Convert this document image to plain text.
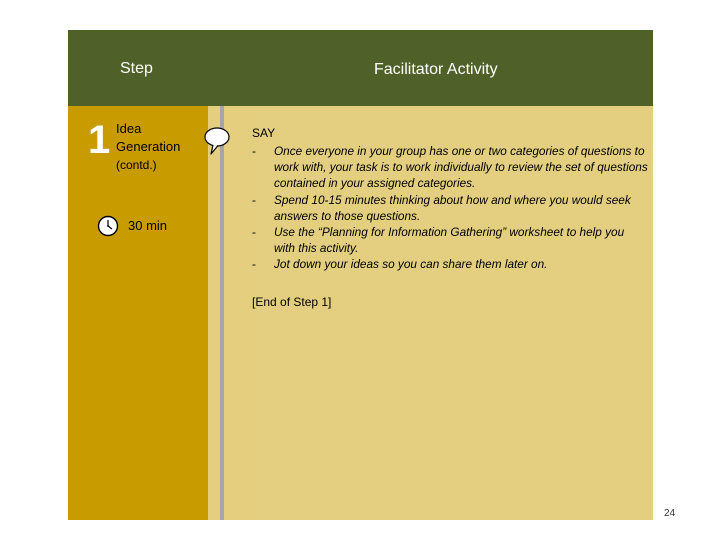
Step	Facilitator Activity
1 Idea Generation
(contd.)
30 min
SAY
- Once everyone in your group has one or two categories of questions to work with, your task is to work individually to review the set of questions contained in your assigned categories.
- Spend 10-15 minutes thinking about how and where you would seek answers to those questions.
- Use the “Planning for Information Gathering” worksheet to help you with this activity.
- Jot down your ideas so you can share them later on.
[End of Step 1]
24
